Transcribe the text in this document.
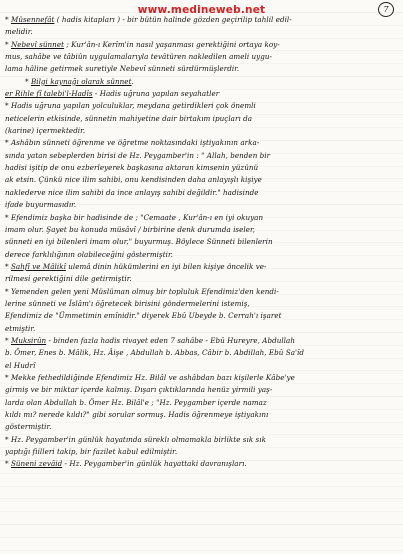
www.medineweb.net	7
* Müsennefât ( hadis kitapları ) - bir bütün halinde gözden geçirilip tahlil edil-
melidir.
* Nebevî sünnet ; Kur'ân-ı Kerîm'in nasıl yaşanması gerektiğini ortaya koy-
mus, sahâbe ve tâbiûn uygulamalarıyla tevâtüren nakledilen ameli uygu-
lama hâline getirmek suretiyle Nebevî sünneti sürdürmüşlerdir.
* Bilgi kaynağı olarak sünnet.
er Rihle fî talebi'l-Hadîs - Hadis uğruna yapılan seyahatler
* Hadis uğruna yapılan yolculuklar, meydana getirdikleri çok önemli
neticelerin etkisinde, sünnetin mahiyetine dair birtakım ipuçları da
(karine) içermektedir.
* Ashâbın sünneti öğrenme ve öğretme noktasındaki iştiyakının arka-
sında yatan sebeplerden birisi de Hz. Peygamber'in : " Allah, benden bir
hadisi işitip de onu ezberleyerek başkasına aktaran kimsenin yüzünü
ak etsin. Çünkü nice ilim sahibi, onu kendisinden daha anlayışlı kişiye
naklederve nice ilim sahibi da ince anlayış sahibi değildir." hadisinde
ifade buyurmasıdır.
* Efendimiz başka bir hadisinde de ; "Cemaate , Kur'ân-ı en iyi okuyan
imam olur. Şayet bu konuda müsâvî / birbirine denk durumda iseler,
sünneti en iyi bilenleri imam olur," buyurmuş. Böylece Sünneti bilenlerin
derece farklılığının olabileceğini göstermiştir.
* Sahfî ve Mâlikî ulemâ dinin hükümlerini en iyi bilen kişiye öncelik ve-
rilmesi gerektiğini dile getirmiştir.
* Yemenden gelen yeni Müslüman olmuş bir topluluk Efendimiz'den kendi-
lerine sünneti ve İslâm'ı öğretecek birisini göndermelerini istemiş,
Efendimiz de "Ümmetimin emînidir." diyerek Ebû Ubeyde b. Cerrah'ı işaret
etmiştir.
* Muksirûn - binden fazla hadis rivayet eden 7 sahâbe - Ebû Hureyre, Abdullah
b. Ömer, Enes b. Mâlik, Hz. Âişe , Abdullah b. Abbas, Câbir b. Abdillah, Ebû Sa'îd
el Hudrî
* Mekke fethedildiğinde Efendimiz Hz. Bilâl ve ashâbdan bazı kişilerle Kâbe'ye
girmiş ve bir miktar içerde kalmış. Dışarı çıktıklarında henüz yirmili yaş-
larda olan Abdullah b. Ömer Hz. Bilâl'e ; "Hz. Peygamber içerde namaz
kıldı mı? nerede kıldı?" gibi sorular sormuş. Hadis öğrenmeye iştiyakını
göstermiştir.
* Hz. Peygamber'in günlük hayatında süreklı olmamakla birlikte sık sık
yaptığı fiilleri takip, bir fazilet kabul edilmiştir.
* Süneni zevâid - Hz. Peygamber'in günlük hayattaki davranışları.
